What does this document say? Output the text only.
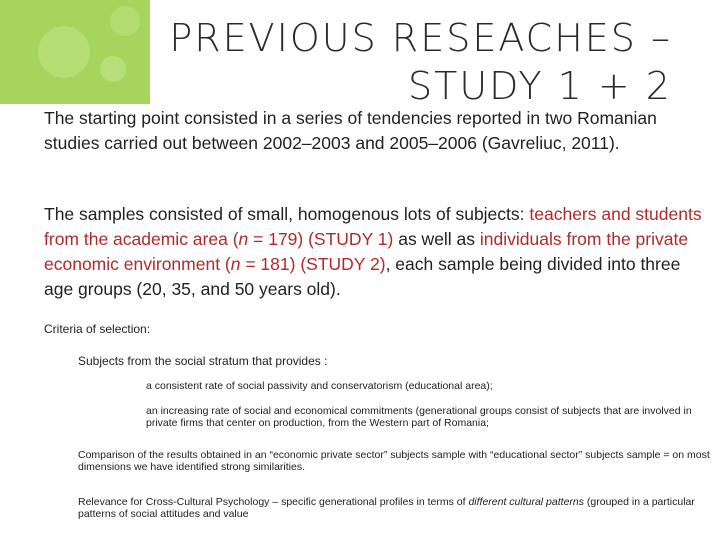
PREVIOUS RESEACHES –
STUDY 1 + 2
The starting point consisted in a series of tendencies reported in two Romanian studies carried out between 2002–2003 and 2005–2006 (Gavreliuc, 2011).
The samples consisted of small, homogenous lots of subjects: teachers and students from the academic area (n = 179) (STUDY 1) as well as individuals from the private economic environment (n = 181) (STUDY 2), each sample being divided into three age groups (20, 35, and 50 years old).
Criteria of selection:
Subjects from the social stratum that provides :
a consistent rate of social passivity and conservatorism (educational area);
an increasing rate of social and economical commitments (generational groups consist of subjects that are involved in private firms that center on production, from the Western part of Romania;
Comparison of the results obtained in an “economic private sector” subjects sample with “educational sector” subjects sample = on most dimensions we have identified strong similarities.
Relevance for Cross-Cultural Psychology – specific generational profiles in terms of different cultural patterns (grouped in a particular patterns of social attitudes and value
